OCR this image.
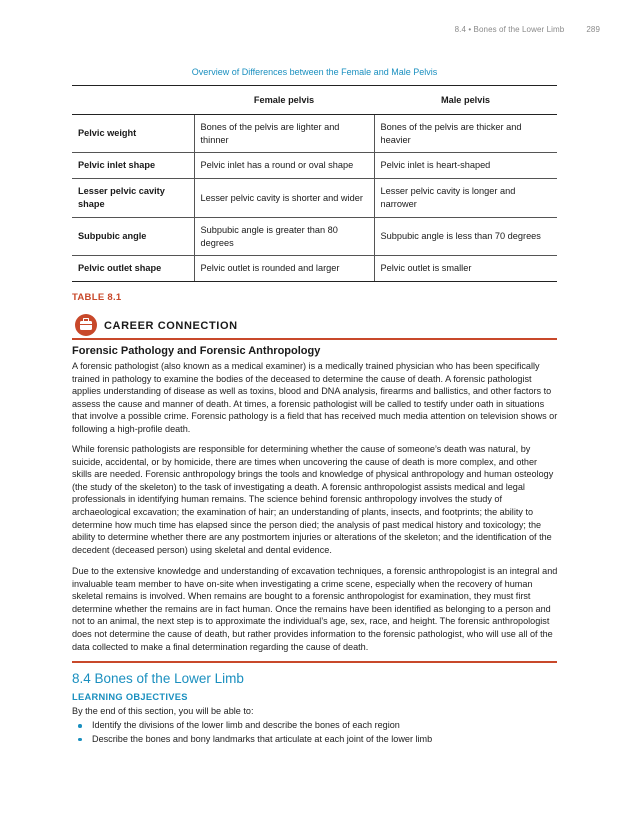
8.4 • Bones of the Lower Limb	289
Overview of Differences between the Female and Male Pelvis
	Female pelvis	Male pelvis
Pelvic weight	Bones of the pelvis are lighter and thinner	Bones of the pelvis are thicker and heavier
Pelvic inlet shape	Pelvic inlet has a round or oval shape	Pelvic inlet is heart-shaped
Lesser pelvic cavity shape	Lesser pelvic cavity is shorter and wider	Lesser pelvic cavity is longer and narrower
Subpubic angle	Subpubic angle is greater than 80 degrees	Subpubic angle is less than 70 degrees
Pelvic outlet shape	Pelvic outlet is rounded and larger	Pelvic outlet is smaller
TABLE 8.1
CAREER CONNECTION
Forensic Pathology and Forensic Anthropology

A forensic pathologist (also known as a medical examiner) is a medically trained physician who has been specifically trained in pathology to examine the bodies of the deceased to determine the cause of death. A forensic pathologist applies understanding of disease as well as toxins, blood and DNA analysis, firearms and ballistics, and other factors to assess the cause and manner of death. At times, a forensic pathologist will be called to testify under oath in situations that involve a possible crime. Forensic pathology is a field that has received much media attention on television shows or following a high-profile death.

While forensic pathologists are responsible for determining whether the cause of someone’s death was natural, by suicide, accidental, or by homicide, there are times when uncovering the cause of death is more complex, and other skills are needed. Forensic anthropology brings the tools and knowledge of physical anthropology and human osteology (the study of the skeleton) to the task of investigating a death. A forensic anthropologist assists medical and legal professionals in identifying human remains. The science behind forensic anthropology involves the study of archaeological excavation; the examination of hair; an understanding of plants, insects, and footprints; the ability to determine how much time has elapsed since the person died; the analysis of past medical history and toxicology; the ability to determine whether there are any postmortem injuries or alterations of the skeleton; and the identification of the decedent (deceased person) using skeletal and dental evidence.

Due to the extensive knowledge and understanding of excavation techniques, a forensic anthropologist is an integral and invaluable team member to have on-site when investigating a crime scene, especially when the recovery of human skeletal remains is involved. When remains are bought to a forensic anthropologist for examination, they must first determine whether the remains are in fact human. Once the remains have been identified as belonging to a person and not to an animal, the next step is to approximate the individual’s age, sex, race, and height. The forensic anthropologist does not determine the cause of death, but rather provides information to the forensic pathologist, who will use all of the data collected to make a final determination regarding the cause of death.

8.4 Bones of the Lower Limb
LEARNING OBJECTIVES
By the end of this section, you will be able to:
Identify the divisions of the lower limb and describe the bones of each region
Describe the bones and bony landmarks that articulate at each joint of the lower limb
